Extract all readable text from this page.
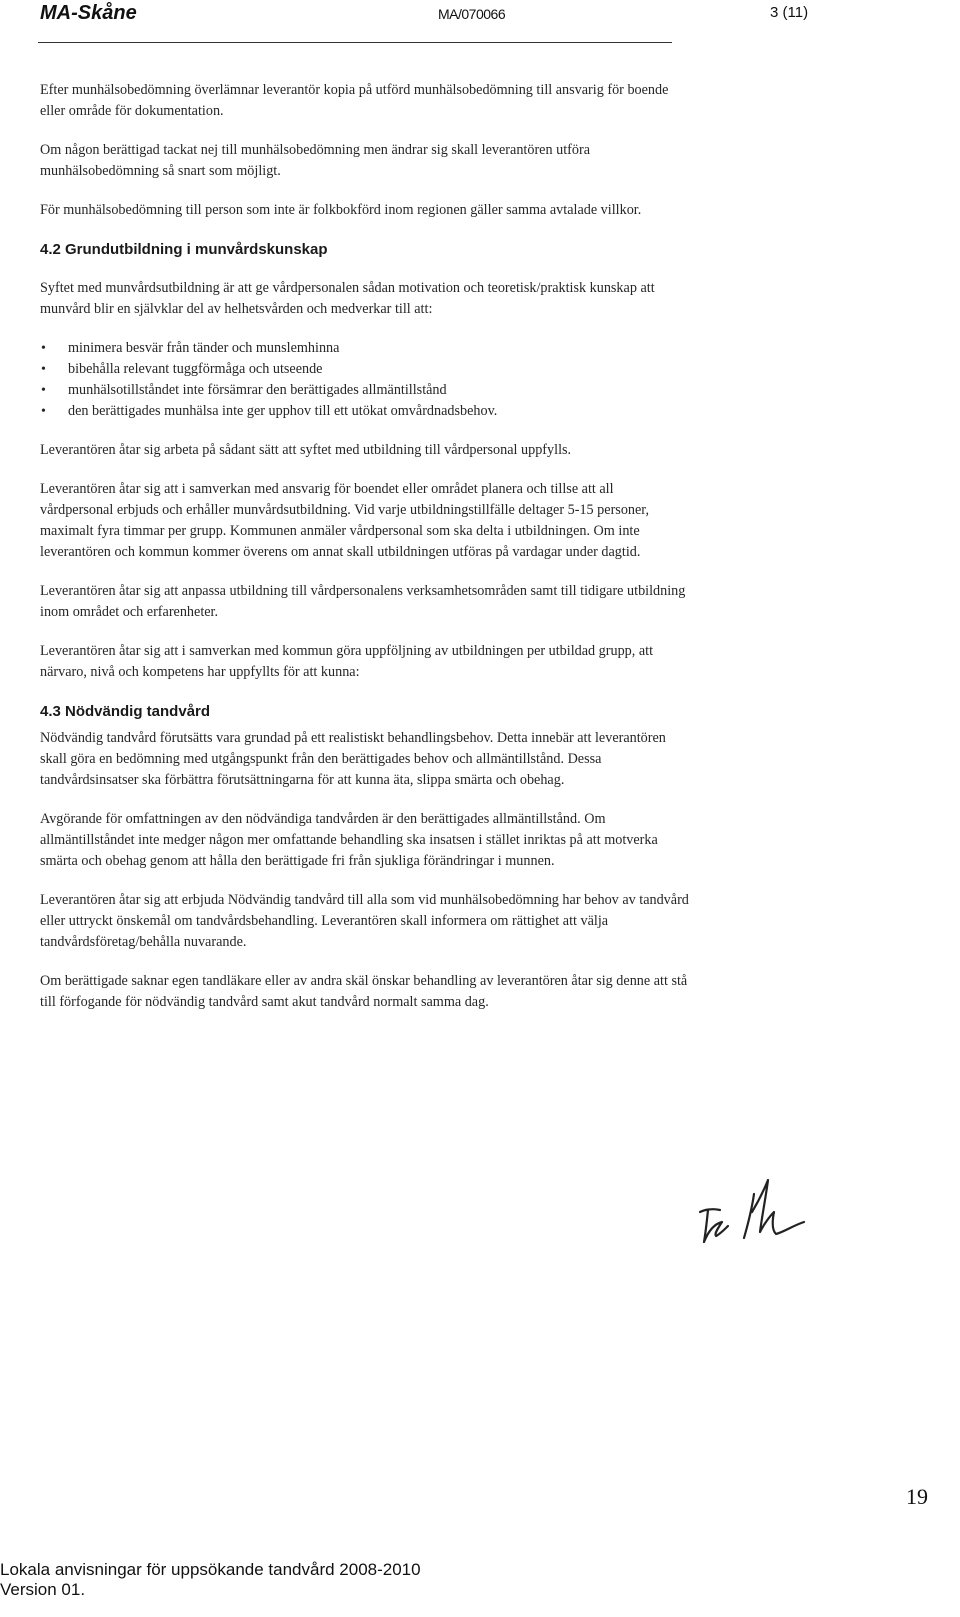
MA-Skåne	MA/070066	3 (11)

Efter munhälsobedömning överlämnar leverantör kopia på utförd munhälsobedömning till ansvarig för boende eller område för dokumentation.

Om någon berättigad tackat nej till munhälsobedömning men ändrar sig skall leverantören utföra munhälsobedömning så snart som möjligt.

För munhälsobedömning till person som inte är folkbokförd inom regionen gäller samma avtalade villkor.

4.2 Grundutbildning i munvårdskunskap

Syftet med munvårdsutbildning är att ge vårdpersonalen sådan motivation och teoretisk/praktisk kunskap att munvård blir en självklar del av helhetsvården och medverkar till att:

• minimera besvär från tänder och munslemhinna
• bibehålla relevant tuggförmåga och utseende
• munhälsotillståndet inte försämrar den berättigades allmäntillstånd
• den berättigades munhälsa inte ger upphov till ett utökat omvårdnadsbehov.

Leverantören åtar sig arbeta på sådant sätt att syftet med utbildning till vårdpersonal uppfylls.

Leverantören åtar sig att i samverkan med ansvarig för boendet eller området planera och tillse att all vårdpersonal erbjuds och erhåller munvårdsutbildning. Vid varje utbildningstillfälle deltager 5-15 personer, maximalt fyra timmar per grupp. Kommunen anmäler vårdpersonal som ska delta i utbildningen. Om inte leverantören och kommun kommer överens om annat skall utbildningen utföras på vardagar under dagtid.

Leverantören åtar sig att anpassa utbildning till vårdpersonalens verksamhetsområden samt till tidigare utbildning inom området och erfarenheter.

Leverantören åtar sig att i samverkan med kommun göra uppföljning av utbildningen per utbildad grupp, att närvaro, nivå och kompetens har uppfyllts för att kunna:

4.3 Nödvändig tandvård

Nödvändig tandvård förutsätts vara grundad på ett realistiskt behandlingsbehov. Detta innebär att leverantören skall göra en bedömning med utgångspunkt från den berättigades behov och allmäntillstånd. Dessa tandvårdsinsatser ska förbättra förutsättningarna för att kunna äta, slippa smärta och obehag.

Avgörande för omfattningen av den nödvändiga tandvården är den berättigades allmäntillstånd. Om allmäntillståndet inte medger någon mer omfattande behandling ska insatsen i stället inriktas på att motverka smärta och obehag genom att hålla den berättigade fri från sjukliga förändringar i munnen.

Leverantören åtar sig att erbjuda Nödvändig tandvård till alla som vid munhälsobedömning har behov av tandvård eller uttryckt önskemål om tandvårdsbehandling. Leverantören skall informera om rättighet att välja tandvårdsföretag/behålla nuvarande.

Om berättigade saknar egen tandläkare eller av andra skäl önskar behandling av leverantören åtar sig denne att stå till förfogande för nödvändig tandvård samt akut tandvård normalt samma dag.

19
Lokala anvisningar för uppsökande tandvård 2008-2010
Version 01.
